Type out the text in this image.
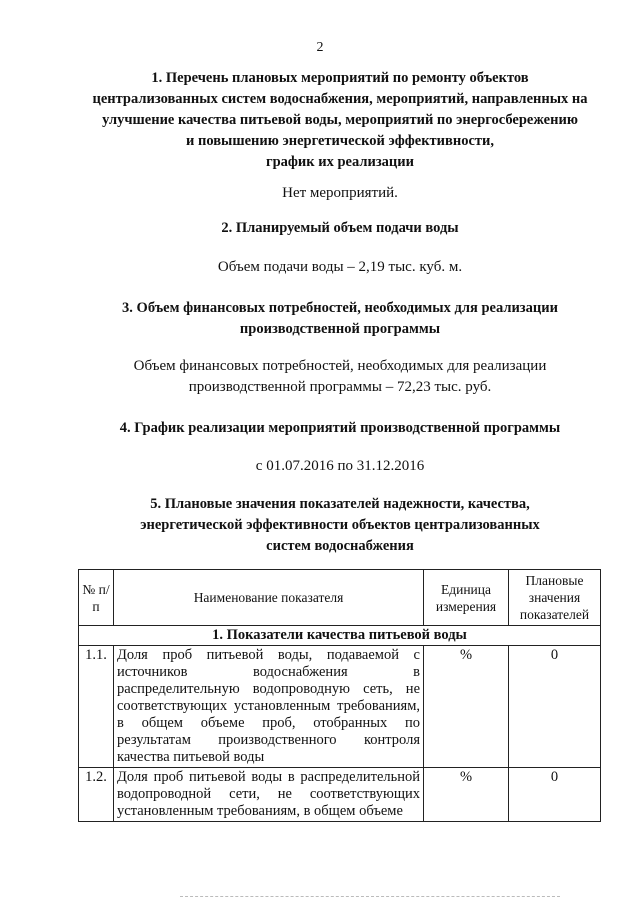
2
1. Перечень плановых мероприятий по ремонту объектов
централизованных систем водоснабжения, мероприятий, направленных на
улучшение качества питьевой воды, мероприятий по энергосбережению
и повышению энергетической эффективности,
график их реализации
Нет мероприятий.
2. Планируемый объем подачи воды
Объем подачи воды – 2,19 тыс. куб. м.
3. Объем финансовых потребностей, необходимых для реализации
производственной программы
Объем финансовых потребностей, необходимых для реализации
производственной программы – 72,23 тыс. руб.
4. График реализации мероприятий производственной программы
с 01.07.2016 по 31.12.2016
5. Плановые значения показателей надежности, качества,
энергетической эффективности объектов централизованных
систем водоснабжения
№ п/п	Наименование показателя	Единица измерения	Плановые значения показателей
1. Показатели качества питьевой воды			
1.1.	Доля проб питьевой воды, подаваемой с источников водоснабжения в распределительную водопроводную сеть, не соответствующих установленным требованиям, в общем объеме проб, отобранных по результатам производственного контроля качества питьевой воды	%	0
1.2.	Доля проб питьевой воды в распределительной водопроводной сети, не соответствующих установленным требованиям, в общем объеме	%	0
